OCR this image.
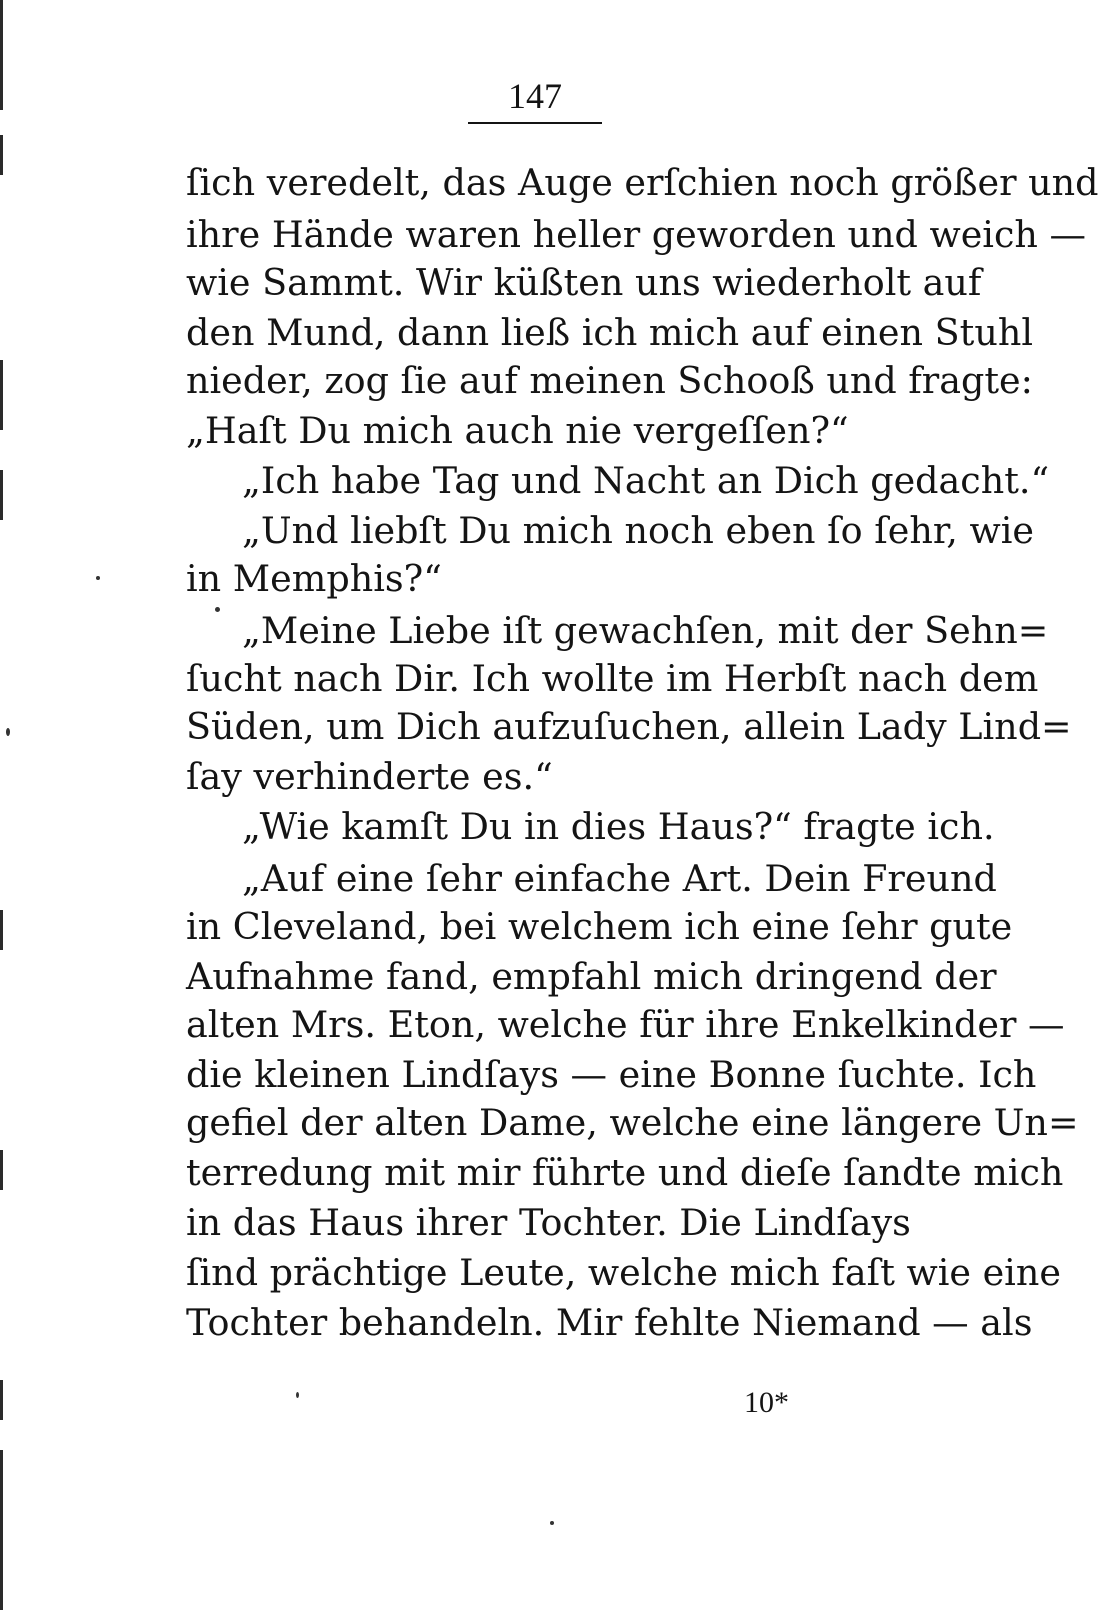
147
ſich veredelt, das Auge erſchien noch größer und
ihre Hände waren heller geworden und weich —
wie Sammt. Wir küßten uns wiederholt auf
den Mund, dann ließ ich mich auf einen Stuhl
nieder, zog ſie auf meinen Schooß und fragte:
„Haſt Du mich auch nie vergeſſen?“
„Ich habe Tag und Nacht an Dich gedacht.“
„Und liebſt Du mich noch eben ſo ſehr, wie
in Memphis?“
„Meine Liebe iſt gewachſen, mit der Sehn=
ſucht nach Dir. Ich wollte im Herbſt nach dem
Süden, um Dich aufzuſuchen, allein Lady Lind=
ſay verhinderte es.“
„Wie kamſt Du in dies Haus?“ fragte ich.
„Auf eine ſehr einfache Art. Dein Freund
in Cleveland, bei welchem ich eine ſehr gute
Aufnahme fand, empfahl mich dringend der
alten Mrs. Eton, welche für ihre Enkelkinder —
die kleinen Lindſays — eine Bonne ſuchte. Ich
gefiel der alten Dame, welche eine längere Un=
terredung mit mir führte und dieſe ſandte mich
in das Haus ihrer Tochter. Die Lindſays
ſind prächtige Leute, welche mich faſt wie eine
Tochter behandeln. Mir fehlte Niemand — als
10*
